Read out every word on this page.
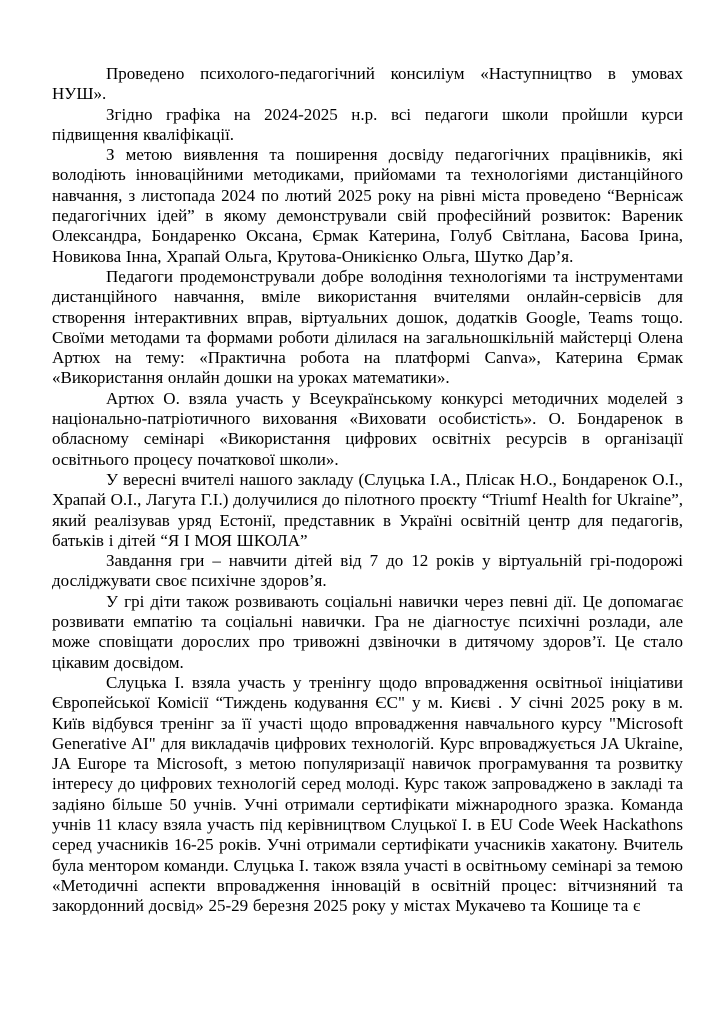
Проведено психолого-педагогічний консиліум «Наступництво в умовах НУШ».

Згідно графіка на 2024-2025 н.р. всі педагоги школи пройшли курси підвищення кваліфікації.

З метою виявлення та поширення досвіду педагогічних працівників, які володіють інноваційними методиками, прийомами та технологіями дистанційного навчання, з листопада 2024 по лютий 2025 року на рівні міста проведено “Вернісаж педагогічних ідей” в якому демонстрували свій професійний розвиток: Вареник Олександра, Бондаренко Оксана, Єрмак Катерина, Голуб Світлана, Басова Ірина, Новикова Інна, Храпай Ольга, Крутова-Оникієнко Ольга, Шутко Дар’я.

Педагоги продемонстрували добре володіння технологіями та інструментами дистанційного навчання, вміле використання вчителями онлайн-сервісів для створення інтерактивних вправ, віртуальних дошок, додатків Google, Teams тощо. Своїми методами та формами роботи ділилася на загальношкільній майстерці Олена Артюх на тему: «Практична робота на платформі Canva», Катерина Єрмак «Використання онлайн дошки на уроках математики».

Артюх О. взяла участь у Всеукраїнському конкурсі методичних моделей з національно-патріотичного виховання «Виховати особистість». О. Бондаренок в обласному семінарі «Використання цифрових освітніх ресурсів в організації освітнього процесу початкової школи».

У вересні вчителі нашого закладу (Слуцька І.А., Плісак Н.О., Бондаренок О.І., Храпай О.І., Лагута Г.І.) долучилися до пілотного проєкту “Triumf Health for Ukraine”, який реалізував уряд Естонії, представник в Україні освітній центр для педагогів, батьків і дітей “Я І МОЯ ШКОЛА”

Завдання гри – навчити дітей від 7 до 12 років у віртуальній грі-подорожі досліджувати своє психічне здоров’я.

У грі діти також розвивають соціальні навички через певні дії. Це допомагає розвивати емпатію та соціальні навички. Гра не діагностує психічні розлади, але може сповіщати дорослих про тривожні дзвіночки в дитячому здоров’ї. Це стало цікавим досвідом.

Слуцька І. взяла участь у тренінгу щодо впровадження освітньої ініціативи Європейської Комісії “Тиждень кодування ЄС" у м. Києві . У січні 2025 року в м. Київ відбувся тренінг за її участі щодо впровадження навчального курсу "Microsoft Generative AI" для викладачів цифрових технологій. Курс впроваджується JA Ukraine, JA Europe та Microsoft, з метою популяризації навичок програмування та розвитку інтересу до цифрових технологій серед молоді. Курс також запроваджено в закладі та задіяно більше 50 учнів. Учні отримали сертифікати міжнародного зразка. Команда учнів 11 класу взяла участь під керівництвом Слуцької І. в EU Code Week Hackathons серед учасників 16-25 років. Учні отримали сертифікати учасників хакатону. Вчитель була ментором команди. Слуцька І. також взяла участі в освітньому семінарі за темою «Методичні аспекти впровадження інновацій в освітній процес: вітчизняний та закордонний досвід» 25-29 березня 2025 року у містах Мукачево та Кошице та є
